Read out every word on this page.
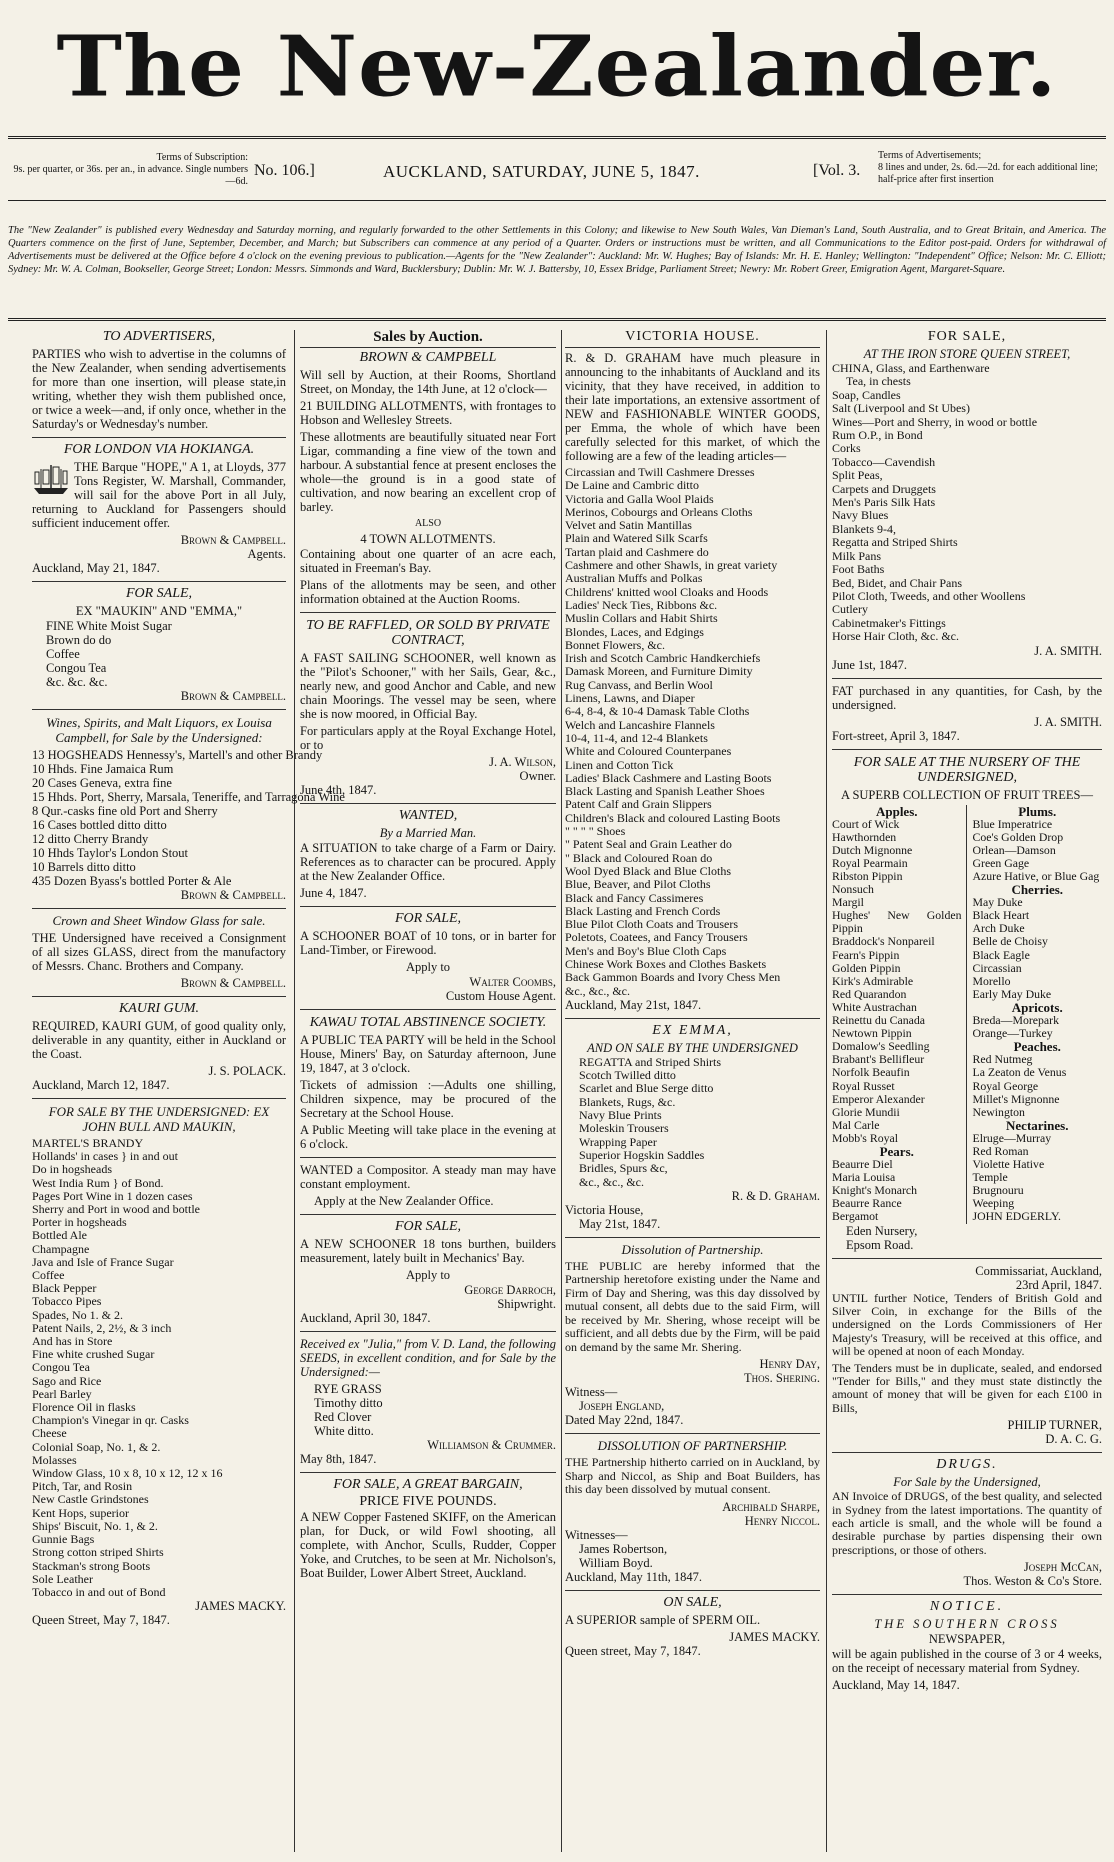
The New-Zealander.
Terms of Subscription:
9s. per quarter, or 36s. per an., in advance. Single numbers—6d.
No. 106.]	AUCKLAND, SATURDAY, JUNE 5, 1847.	[Vol. 3.
Terms of Advertisements;
8 lines and under, 2s. 6d.—2d. for each additional line; half-price after first insertion
The "New Zealander" is published every Wednesday and Saturday morning, and regularly forwarded to the other Settlements in this Colony; and likewise to New South Wales, Van Dieman's Land, South Australia, and to Great Britain, and America. The Quarters commence on the first of June, September, December, and March; but Subscribers can commence at any period of a Quarter. Orders or instructions must be written, and all Communications to the Editor post-paid. Orders for withdrawal of Advertisements must be delivered at the Office before 4 o'clock on the evening previous to publication.—Agents for the "New Zealander": Auckland: Mr. W. Hughes; Bay of Islands: Mr. H. E. Hanley; Wellington: "Independent" Office; Nelson: Mr. C. Elliott; Sydney: Mr. W. A. Colman, Bookseller, George Street; London: Messrs. Simmonds and Ward, Bucklersbury; Dublin: Mr. W. J. Battersby, 10, Essex Bridge, Parliament Street; Newry: Mr. Robert Greer, Emigration Agent, Margaret-Square.
TO ADVERTISERS,
PARTIES who wish to advertise in the columns of the New Zealander, when sending advertisements for more than one insertion, will please state,in writing, whether they wish them published once, or twice a week—and, if only once, whether in the Saturday's or Wednesday's number.
FOR LONDON VIA HOKIANGA.
THE Barque "HOPE," A 1, at Lloyds, 377 Tons Register, W. Marshall, Commander, will sail for the above Port in all July, returning to Auckland for Passengers should sufficient inducement offer.
Brown & Campbell.
Agents.
Auckland, May 21, 1847.
FOR SALE,
EX "MAUKIN" AND "EMMA,"
FINE White Moist Sugar
Brown do do
Coffee
Congou Tea
&c. &c. &c.
Brown & Campbell.
Wines, Spirits, and Malt Liquors, ex Louisa Campbell, for Sale by the Undersigned:
13 HOGSHEADS Hennessy's, Martell's and other Brandy
10 Hhds. Fine Jamaica Rum
20 Cases Geneva, extra fine
15 Hhds. Port, Sherry, Marsala, Teneriffe, and Tarragona Wine
8 Qur.-casks fine old Port and Sherry
16 Cases bottled ditto ditto
12 ditto Cherry Brandy
10 Hhds Taylor's London Stout
10 Barrels ditto ditto
435 Dozen Byass's bottled Porter & Ale
Brown & Campbell.
Crown and Sheet Window Glass for sale.
THE Undersigned have received a Consignment of all sizes GLASS, direct from the manufactory of Messrs. Chanc. Brothers and Company.
Brown & Campbell.
KAURI GUM.
REQUIRED, KAURI GUM, of good quality only, deliverable in any quantity, either in Auckland or the Coast.
J. S. POLACK.
Auckland, March 12, 1847.
FOR SALE BY THE UNDERSIGNED: EX JOHN BULL AND MAUKIN,
MARTEL'S BRANDY
Hollands' in cases } in and out
Do in hogsheads
West India Rum } of Bond.
Pages Port Wine in 1 dozen cases
Sherry and Port in wood and bottle
Porter in hogsheads
Bottled Ale
Champagne
Java and Isle of France Sugar
Coffee
Black Pepper
Tobacco Pipes
Spades, No 1. & 2.
Patent Nails, 2, 2½, & 3 inch
And has in Store
Fine white crushed Sugar
Congou Tea
Sago and Rice
Pearl Barley
Florence Oil in flasks
Champion's Vinegar in qr. Casks
Cheese
Colonial Soap, No. 1, & 2.
Molasses
Window Glass, 10 x 8, 10 x 12, 12 x 16
Pitch, Tar, and Rosin
New Castle Grindstones
Kent Hops, superior
Ships' Biscuit, No. 1, & 2.
Gunnie Bags
Strong cotton striped Shirts
Stackman's strong Boots
Sole Leather
Tobacco in and out of Bond
JAMES MACKY.
Queen Street, May 7, 1847.
Sales by Auction.
BROWN & CAMPBELL
Will sell by Auction, at their Rooms, Shortland Street, on Monday, the 14th June, at 12 o'clock—
21 BUILDING ALLOTMENTS, with frontages to Hobson and Wellesley Streets.
These allotments are beautifully situated near Fort Ligar, commanding a fine view of the town and harbour. A substantial fence at present encloses the whole—the ground is in a good state of cultivation, and now bearing an excellent crop of barley.
ALSO
4 TOWN ALLOTMENTS.
Containing about one quarter of an acre each, situated in Freeman's Bay.
Plans of the allotments may be seen, and other information obtained at the Auction Rooms.
TO BE RAFFLED, OR SOLD BY PRIVATE CONTRACT,
A FAST SAILING SCHOONER, well known as the "Pilot's Schooner," with her Sails, Gear, &c., nearly new, and good Anchor and Cable, and new chain Moorings. The vessel may be seen, where she is now moored, in Official Bay.
For particulars apply at the Royal Exchange Hotel, or to
J. A. Wilson,
Owner.
June 4th, 1847.
WANTED,
By a Married Man.
A SITUATION to take charge of a Farm or Dairy. References as to character can be procured. Apply at the New Zealander Office.
June 4, 1847.
FOR SALE,
A SCHOONER BOAT of 10 tons, or in barter for Land-Timber, or Firewood.
Apply to
Walter Coombs,
Custom House Agent.
KAWAU TOTAL ABSTINENCE SOCIETY.
A PUBLIC TEA PARTY will be held in the School House, Miners' Bay, on Saturday afternoon, June 19, 1847, at 3 o'clock.
Tickets of admission :—Adults one shilling, Children sixpence, may be procured of the Secretary at the School House.
A Public Meeting will take place in the evening at 6 o'clock.
WANTED a Compositor. A steady man may have constant employment.
Apply at the New Zealander Office.
FOR SALE,
A NEW SCHOONER 18 tons burthen, builders measurement, lately built in Mechanics' Bay.
Apply to
George Darroch,
Shipwright.
Auckland, April 30, 1847.
Received ex "Julia," from V. D. Land, the following SEEDS, in excellent condition, and for Sale by the Undersigned:—
RYE GRASS
Timothy ditto
Red Clover
White ditto.
Williamson & Crummer.
May 8th, 1847.
FOR SALE, A GREAT BARGAIN,
PRICE FIVE POUNDS.
A NEW Copper Fastened SKIFF, on the American plan, for Duck, or wild Fowl shooting, all complete, with Anchor, Sculls, Rudder, Copper Yoke, and Crutches, to be seen at Mr. Nicholson's, Boat Builder, Lower Albert Street, Auckland.
VICTORIA HOUSE.
R. & D. GRAHAM have much pleasure in announcing to the inhabitants of Auckland and its vicinity, that they have received, in addition to their late importations, an extensive assortment of NEW and FASHIONABLE WINTER GOODS, per Emma, the whole of which have been carefully selected for this market, of which the following are a few of the leading articles—
Circassian and Twill Cashmere Dresses
De Laine and Cambric ditto
Victoria and Galla Wool Plaids
Merinos, Cobourgs and Orleans Cloths
Velvet and Satin Mantillas
Plain and Watered Silk Scarfs
Tartan plaid and Cashmere do
Cashmere and other Shawls, in great variety
Australian Muffs and Polkas
Childrens' knitted wool Cloaks and Hoods
Ladies' Neck Ties, Ribbons &c.
Muslin Collars and Habit Shirts
Blondes, Laces, and Edgings
Bonnet Flowers, &c.
Irish and Scotch Cambric Handkerchiefs
Damask Moreen, and Furniture Dimity
Rug Canvass, and Berlin Wool
Linens, Lawns, and Diaper
6-4, 8-4, & 10-4 Damask Table Cloths
Welch and Lancashire Flannels
10-4, 11-4, and 12-4 Blankets
White and Coloured Counterpanes
Linen and Cotton Tick
Ladies' Black Cashmere and Lasting Boots
Black Lasting and Spanish Leather Shoes
Patent Calf and Grain Slippers
Children's Black and coloured Lasting Boots
" " " " Shoes
" Patent Seal and Grain Leather do
" Black and Coloured Roan do
Wool Dyed Black and Blue Cloths
Blue, Beaver, and Pilot Cloths
Black and Fancy Cassimeres
Black Lasting and French Cords
Blue Pilot Cloth Coats and Trousers
Poletots, Coatees, and Fancy Trousers
Men's and Boy's Blue Cloth Caps
Chinese Work Boxes and Clothes Baskets
Back Gammon Boards and Ivory Chess Men
&c., &c., &c.
Auckland, May 21st, 1847.
EX EMMA,
AND ON SALE BY THE UNDERSIGNED
REGATTA and Striped Shirts
Scotch Twilled ditto
Scarlet and Blue Serge ditto
Blankets, Rugs, &c.
Navy Blue Prints
Moleskin Trousers
Wrapping Paper
Superior Hogskin Saddles
Bridles, Spurs &c,
&c., &c., &c.
R. & D. Graham.
Victoria House,
May 21st, 1847.
Dissolution of Partnership.
THE PUBLIC are hereby informed that the Partnership heretofore existing under the Name and Firm of Day and Shering, was this day dissolved by mutual consent, all debts due to the said Firm, will be received by Mr. Shering, whose receipt will be sufficient, and all debts due by the Firm, will be paid on demand by the same Mr. Shering.
Henry Day,
Thos. Shering.
Witness—
Joseph England,
Dated May 22nd, 1847.
DISSOLUTION OF PARTNERSHIP.
THE Partnership hitherto carried on in Auckland, by Sharp and Niccol, as Ship and Boat Builders, has this day been dissolved by mutual consent.
Archibald Sharpe,
Henry Niccol.
Witnesses—
James Robertson,
William Boyd.
Auckland, May 11th, 1847.
ON SALE,
A SUPERIOR sample of SPERM OIL.
JAMES MACKY.
Queen street, May 7, 1847.
FOR SALE,
AT THE IRON STORE QUEEN STREET,
CHINA, Glass, and Earthenware
Tea, in chests
Soap, Candles
Salt (Liverpool and St Ubes)
Wines—Port and Sherry, in wood or bottle
Rum O.P., in Bond
Corks
Tobacco—Cavendish
Split Peas,
Carpets and Druggets
Men's Paris Silk Hats
Navy Blues
Blankets 9-4,
Regatta and Striped Shirts
Milk Pans
Foot Baths
Bed, Bidet, and Chair Pans
Pilot Cloth, Tweeds, and other Woollens
Cutlery
Cabinetmaker's Fittings
Horse Hair Cloth, &c. &c.
J. A. SMITH.
June 1st, 1847.
FAT purchased in any quantities, for Cash, by the undersigned.
J. A. SMITH.
Fort-street, April 3, 1847.
FOR SALE AT THE NURSERY OF THE UNDERSIGNED,
A SUPERB COLLECTION OF FRUIT TREES—
Apples.
Court of Wick
Hawthornden
Dutch Mignonne
Royal Pearmain
Ribston Pippin
Nonsuch
Margil
Hughes' New Golden Pippin
Braddock's Nonpareil
Fearn's Pippin
Golden Pippin
Kirk's Admirable
Red Quarandon
White Austrachan
Reinettu du Canada
Newtown Pippin
Domalow's Seedling
Brabant's Bellifleur
Norfolk Beaufin
Royal Russet
Emperor Alexander
Glorie Mundii
Mal Carle
Mobb's Royal
Pears.
Beaurre Diel
Maria Louisa
Knight's Monarch
Beaurre Rance
Bergamot
Plums.
Blue Imperatrice
Coe's Golden Drop
Orlean—Damson
Green Gage
Azure Hative, or Blue Gag
Cherries.
May Duke
Black Heart
Arch Duke
Belle de Choisy
Black Eagle
Circassian
Morello
Early May Duke
Apricots.
Breda—Morepark
Orange—Turkey
Peaches.
Red Nutmeg
La Zeaton de Venus
Royal George
Millet's Mignonne
Newington
Nectarines.
Elruge—Murray
Red Roman
Violette Hative
Temple
Brugnouru
Weeping
JOHN EDGERLY.
Eden Nursery,
Epsom Road.
Commissariat, Auckland,
23rd April, 1847.
UNTIL further Notice, Tenders of British Gold and Silver Coin, in exchange for the Bills of the undersigned on the Lords Commissioners of Her Majesty's Treasury, will be received at this office, and will be opened at noon of each Monday.
The Tenders must be in duplicate, sealed, and endorsed "Tender for Bills," and they must state distinctly the amount of money that will be given for each £100 in Bills,
PHILIP TURNER,
D. A. C. G.
DRUGS.
For Sale by the Undersigned,
AN Invoice of DRUGS, of the best quality, and selected in Sydney from the latest importations. The quantity of each article is small, and the whole will be found a desirable purchase by parties dispensing their own prescriptions, or those of others.
Joseph McCan,
Thos. Weston & Co's Store.
NOTICE.
THE SOUTHERN CROSS
NEWSPAPER,
will be again published in the course of 3 or 4 weeks, on the receipt of necessary material from Sydney.
Auckland, May 14, 1847.
